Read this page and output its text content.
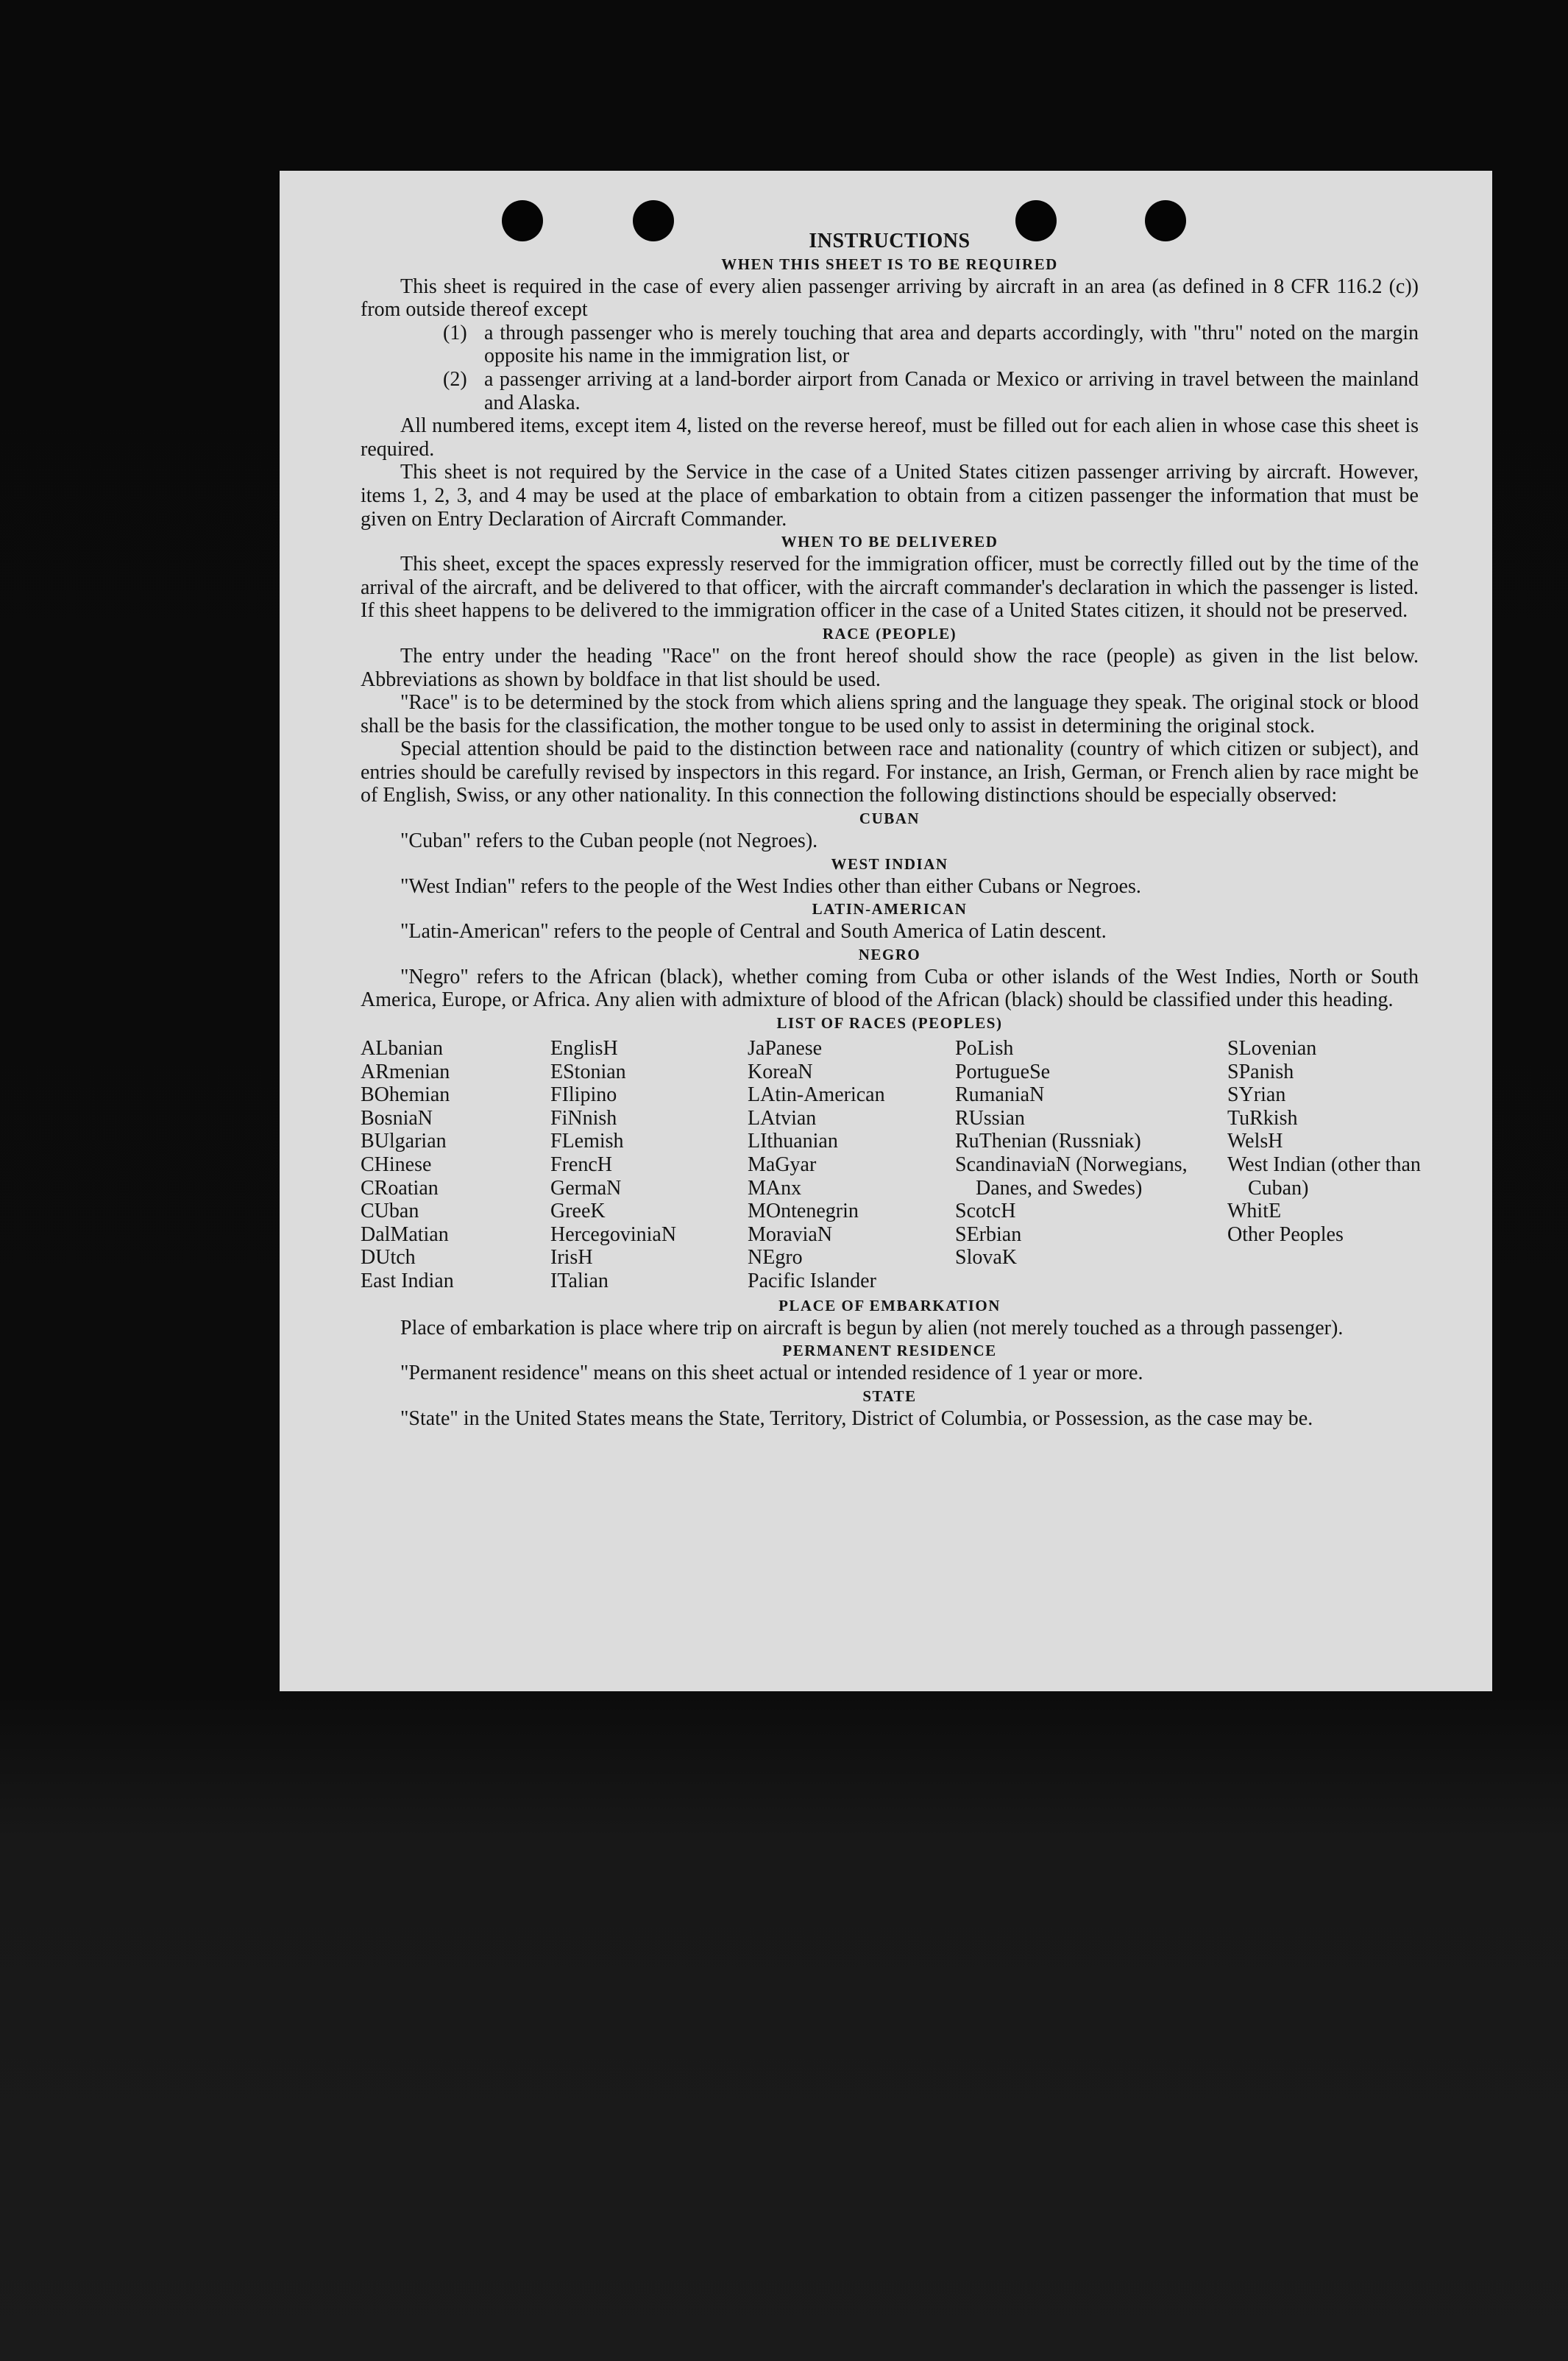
INSTRUCTIONS
WHEN THIS SHEET IS TO BE REQUIRED

This sheet is required in the case of every alien passenger arriving by aircraft in an area (as defined in 8 CFR 116.2 (c)) from outside thereof except

(1) a through passenger who is merely touching that area and departs accordingly, with "thru" noted on the margin opposite his name in the immigration list, or
(2) a passenger arriving at a land-border airport from Canada or Mexico or arriving in travel between the mainland and Alaska.

All numbered items, except item 4, listed on the reverse hereof, must be filled out for each alien in whose case this sheet is required.

This sheet is not required by the Service in the case of a United States citizen passenger arriving by aircraft. However, items 1, 2, 3, and 4 may be used at the place of embarkation to obtain from a citizen passenger the information that must be given on Entry Declaration of Aircraft Commander.

WHEN TO BE DELIVERED

This sheet, except the spaces expressly reserved for the immigration officer, must be correctly filled out by the time of the arrival of the aircraft, and be delivered to that officer, with the aircraft commander's declaration in which the passenger is listed. If this sheet happens to be delivered to the immigration officer in the case of a United States citizen, it should not be preserved.

RACE (PEOPLE)

The entry under the heading "Race" on the front hereof should show the race (people) as given in the list below. Abbreviations as shown by boldface in that list should be used.

"Race" is to be determined by the stock from which aliens spring and the language they speak. The original stock or blood shall be the basis for the classification, the mother tongue to be used only to assist in determining the original stock.

Special attention should be paid to the distinction between race and nationality (country of which citizen or subject), and entries should be carefully revised by inspectors in this regard. For instance, an Irish, German, or French alien by race might be of English, Swiss, or any other nationality. In this connection the following distinctions should be especially observed:

CUBAN

"Cuban" refers to the Cuban people (not Negroes).

WEST INDIAN

"West Indian" refers to the people of the West Indies other than either Cubans or Negroes.

LATIN-AMERICAN

"Latin-American" refers to the people of Central and South America of Latin descent.

NEGRO

"Negro" refers to the African (black), whether coming from Cuba or other islands of the West Indies, North or South America, Europe, or Africa. Any alien with admixture of blood of the African (black) should be classified under this heading.

LIST OF RACES (PEOPLES)
ALbanian
ARmenian
BOhemian
BosniaN
BUlgarian
CHinese
CRoatian
CUban
DalMatian
DUtch
East Indian
EnglisH
EStonian
FIlipino
FiNnish
FLemish
FrencH
GermaN
GreeK
HercegoviniaN
IrisH
ITalian
JaPanese
KoreaN
LAtin-American
LAtvian
LIthuanian
MaGyar
MAnx
MOntenegrin
MoraviaN
NEgro
Pacific Islander
PoLish
PortugueSe
RumaniaN
RUssian
RuThenian (Russniak)
ScandinaviaN (Norwegians, Danes, and Swedes)
ScotcH
SErbian
SlovaK
SLovenian
SPanish
SYrian
TuRkish
WelsH
West Indian (other than Cuban)
WhitE
Other Peoples
PLACE OF EMBARKATION

Place of embarkation is place where trip on aircraft is begun by alien (not merely touched as a through passenger).

PERMANENT RESIDENCE

"Permanent residence" means on this sheet actual or intended residence of 1 year or more.

STATE

"State" in the United States means the State, Territory, District of Columbia, or Possession, as the case may be.
